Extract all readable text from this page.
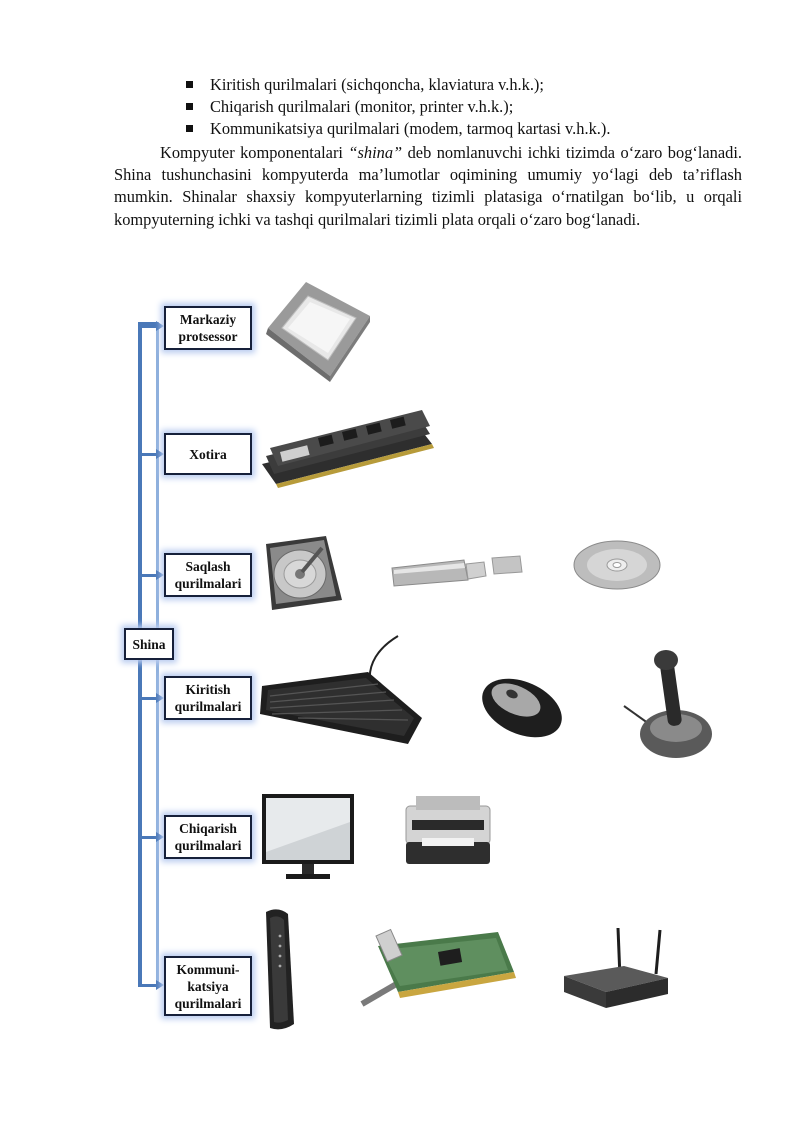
Kiritish qurilmalari (sichqoncha, klaviatura v.h.k.);
Chiqarish qurilmalari (monitor, printer v.h.k.);
Kommunikatsiya qurilmalari (modem, tarmoq kartasi v.h.k.).

Kompyuter komponentalari “shina” deb nomlanuvchi ichki tizimda o‘zaro bog‘lanadi. Shina tushunchasini kompyuterda ma’lumotlar oqimining umumiy yo‘lagi deb ta’riflash mumkin. Shinalar shaxsiy kompyuterlarning tizimli platasiga o‘rnatilgan bo‘lib, u orqali kompyuterning ichki va tashqi qurilmalari tizimli plata orqali o‘zaro bog‘lanadi.

Shina
Markaziy
protsessor
Xotira
Saqlash
qurilmalari
Kiritish
qurilmalari
Chiqarish
qurilmalari
Kommuni-
katsiya
qurilmalari
